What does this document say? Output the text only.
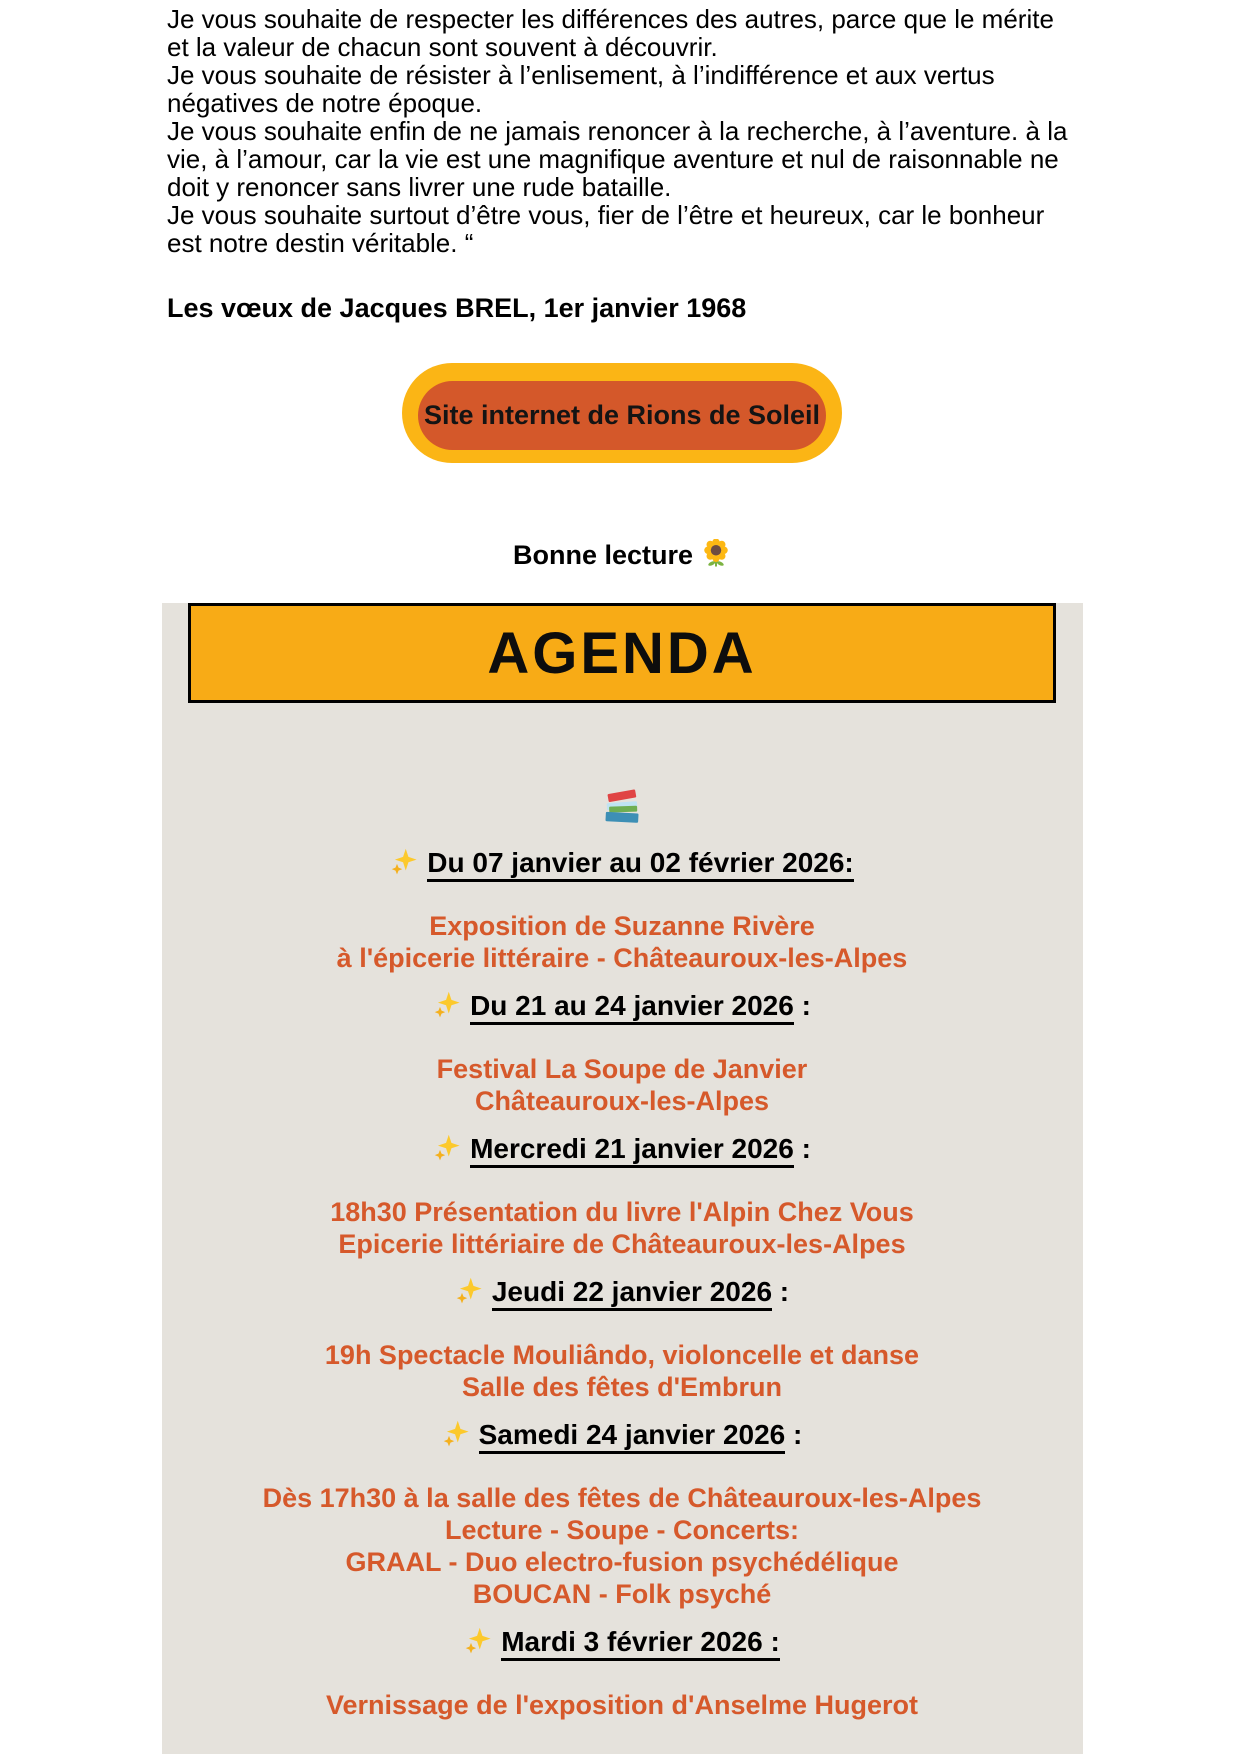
Je vous souhaite de respecter les différences des autres, parce que le mérite
et la valeur de chacun sont souvent à découvrir.
Je vous souhaite de résister à l’enlisement, à l’indifférence et aux vertus
négatives de notre époque.
Je vous souhaite enfin de ne jamais renoncer à la recherche, à l’aventure. à la
vie, à l’amour, car la vie est une magnifique aventure et nul de raisonnable ne
doit y renoncer sans livrer une rude bataille.
Je vous souhaite surtout d’être vous, fier de l’être et heureux, car le bonheur
est notre destin véritable. “
Les vœux de Jacques BREL, 1er janvier 1968
Site internet de Rions de Soleil
Bonne lecture
AGENDA
Du 07 janvier au 02 février 2026:
Exposition de Suzanne Rivère
à l'épicerie littéraire - Châteauroux-les-Alpes
Du 21 au 24 janvier 2026 :
Festival La Soupe de Janvier
Châteauroux-les-Alpes
Mercredi 21 janvier 2026 :
18h30 Présentation du livre l'Alpin Chez Vous
Epicerie littériaire de Châteauroux-les-Alpes
Jeudi 22 janvier 2026 :
19h Spectacle Mouliândo, violoncelle et danse
Salle des fêtes d'Embrun
Samedi 24 janvier 2026 :
Dès 17h30 à la salle des fêtes de Châteauroux-les-Alpes
Lecture - Soupe - Concerts:
GRAAL - Duo electro-fusion psychédélique
BOUCAN - Folk psyché
Mardi 3 février 2026 :
Vernissage de l'exposition d'Anselme Hugerot
